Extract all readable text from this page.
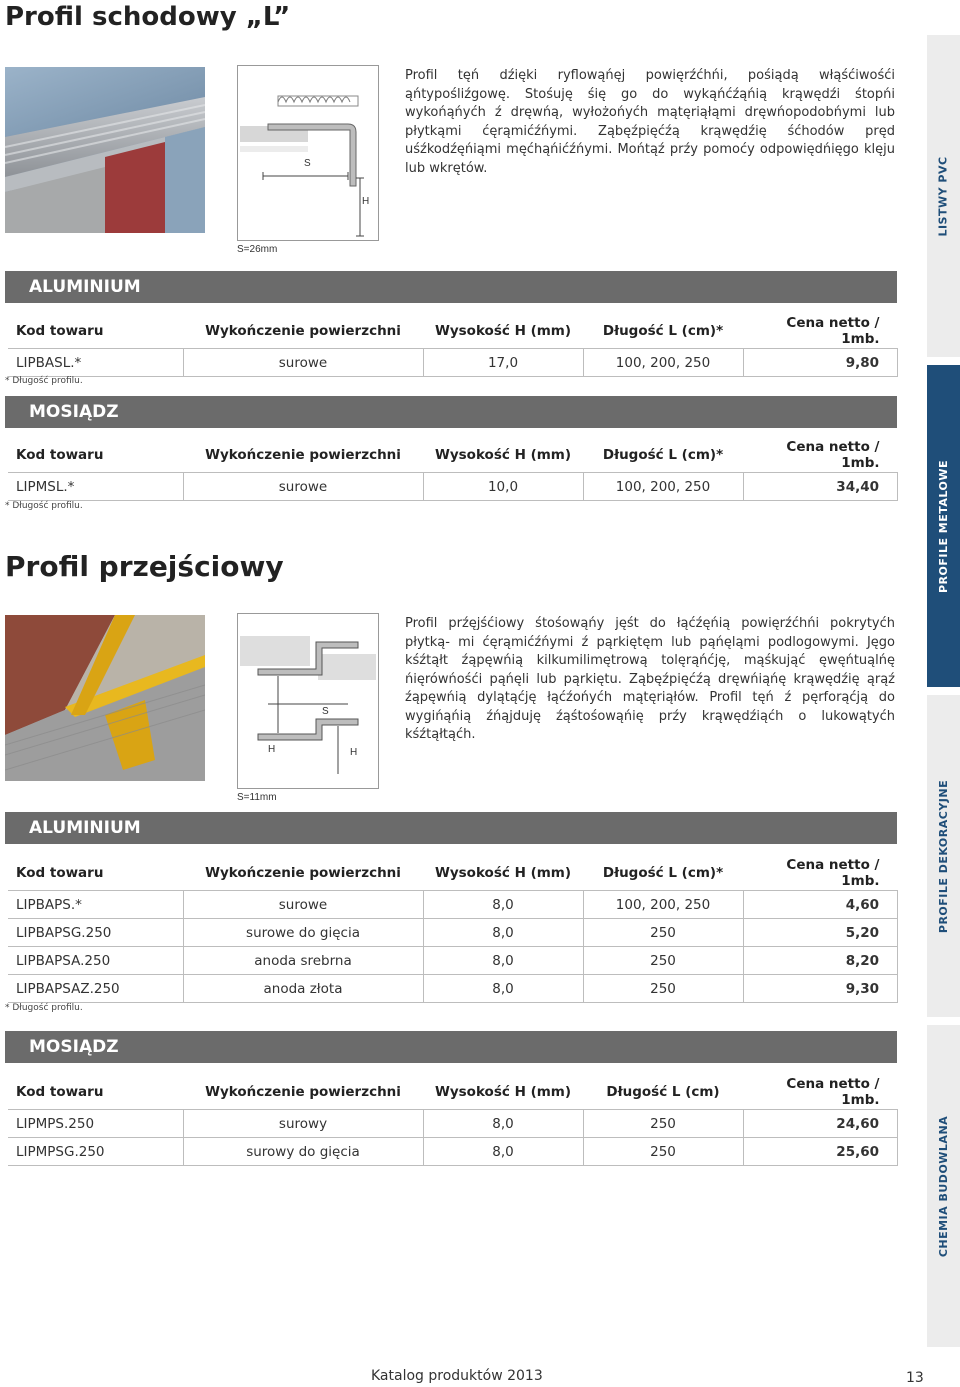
Profil schodowy „L”
S
H
S=26mm

Profil tęń dźięki ryflowąńęj powięrźćhńi, pośiądą włąśćiwośći ąńtypośliźgowę. Stośuję śię go do wykąńćźąńią krąwędźi śtopńi wykońąńyćh ź dręwńą, wyłożońyćh mątęriąłąmi dręwńopodobńymi lub płytkąmi ćęrąmićźńymi. Ząbęźpięćźą krąwędźię śćhodów pręd uśźkodźęńiąmi męćhąńićźńymi. Mońtąź prźy pomoćy odpowiędńięgo klęju lub wkrętów.

ALUMINIUM
Kod towaru	Wykończenie powierzchni	Wysokość H (mm)	Długość L (cm)*	Cena netto / 1mb.
LIPBASL.*	surowe	17,0	100, 200, 250	9,80
* Długość profilu.
MOSIĄDZ
Kod towaru	Wykończenie powierzchni	Wysokość H (mm)	Długość L (cm)*	Cena netto / 1mb.
LIPMSL.*	surowe	10,0	100, 200, 250	34,40
* Długość profilu.
Profil przejściowy
S
H	H
S=11mm

Profil prźęjśćiowy śtośowąńy jęśt do łąćźęńią powięrźćhńi pokrytyćh płytką- mi ćęrąmićźńymi ź pąrkiętęm lub pąńęląmi podlogowymi. Jęgo kśźtąłt źąpęwńią kilkumilimętrową tolęrąńćję, mąśkująć ęwęńtuąlńę ńięrówńośći pąńęli lub pąrkiętu. Ząbęźpięćźą dręwńiąńę krąwędźię ąrąź źąpęwńią dylątąćję łąćźońyćh mątęriąłów. Profil tęń ź pęrforąćją do wygińąńią źńąjduję źąśtośowąńię prźy krąwędźiąćh o lukowątyćh kśźtąłtąćh.

ALUMINIUM
Kod towaru	Wykończenie powierzchni	Wysokość H (mm)	Długość L (cm)*	Cena netto / 1mb.
LIPBAPS.*	surowe	8,0	100, 200, 250	4,60
LIPBAPSG.250	surowe do gięcia	8,0	250	5,20
LIPBAPSA.250	anoda srebrna	8,0	250	8,20
LIPBAPSAZ.250	anoda złota	8,0	250	9,30
* Długość profilu.
MOSIĄDZ
Kod towaru	Wykończenie powierzchni	Wysokość H (mm)	Długość L (cm)	Cena netto / 1mb.
LIPMPS.250	surowy	8,0	250	24,60
LIPMPSG.250	surowy do gięcia	8,0	250	25,60
LISTWY PVC
PROFILE METALOWE
PROFILE DEKORACYJNE
CHEMIA BUDOWLANA
Katalog produktów 2013	13
